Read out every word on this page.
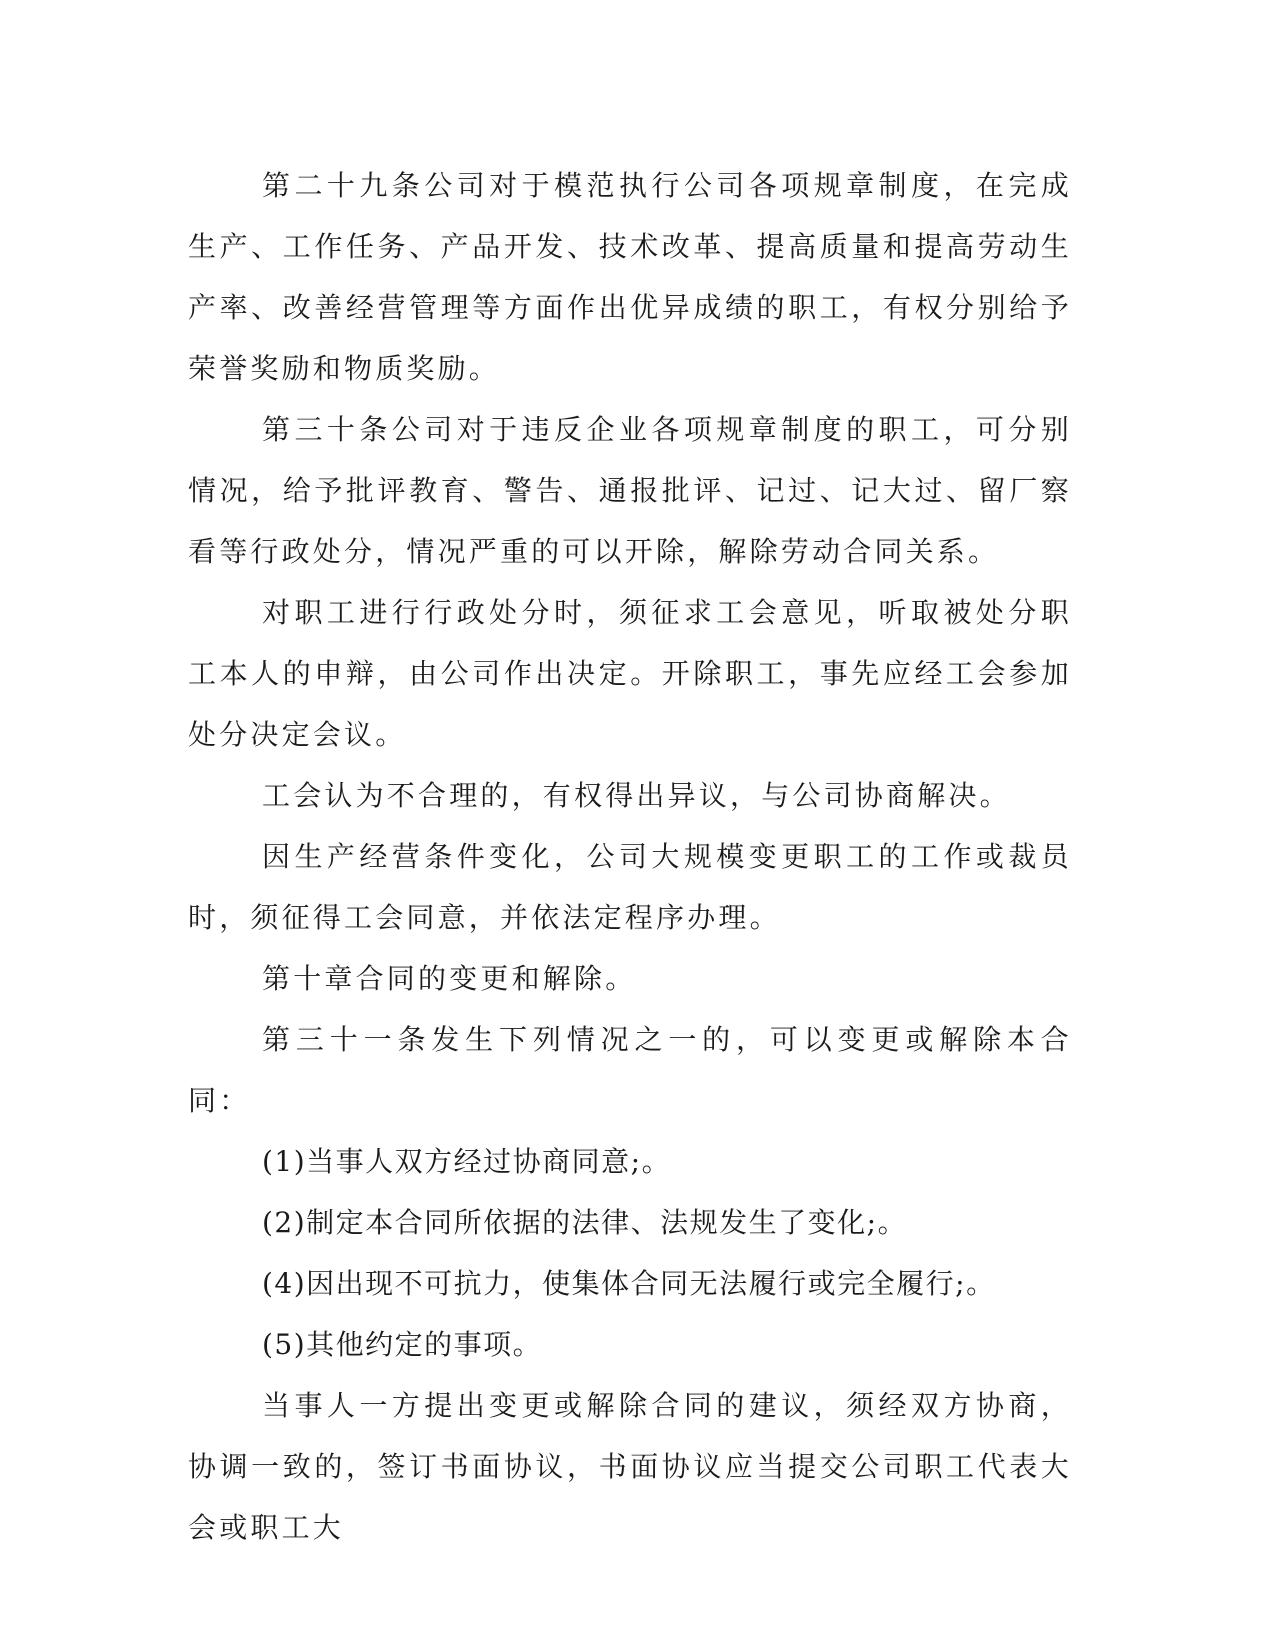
第二十九条公司对于模范执行公司各项规章制度，在完成生产、工作任务、产品开发、技术改革、提高质量和提高劳动生产率、改善经营管理等方面作出优异成绩的职工，有权分别给予荣誉奖励和物质奖励。

第三十条公司对于违反企业各项规章制度的职工，可分别情况，给予批评教育、警告、通报批评、记过、记大过、留厂察看等行政处分，情况严重的可以开除，解除劳动合同关系。

对职工进行行政处分时，须征求工会意见，听取被处分职工本人的申辩，由公司作出决定。开除职工，事先应经工会参加处分决定会议。

工会认为不合理的，有权得出异议，与公司协商解决。

因生产经营条件变化，公司大规模变更职工的工作或裁员时，须征得工会同意，并依法定程序办理。

第十章合同的变更和解除。

第三十一条发生下列情况之一的，可以变更或解除本合同：

(1)当事人双方经过协商同意;。

(2)制定本合同所依据的法律、法规发生了变化;。

(4)因出现不可抗力，使集体合同无法履行或完全履行;。

(5)其他约定的事项。

当事人一方提出变更或解除合同的建议，须经双方协商，协调一致的，签订书面协议，书面协议应当提交公司职工代表大会或职工大
